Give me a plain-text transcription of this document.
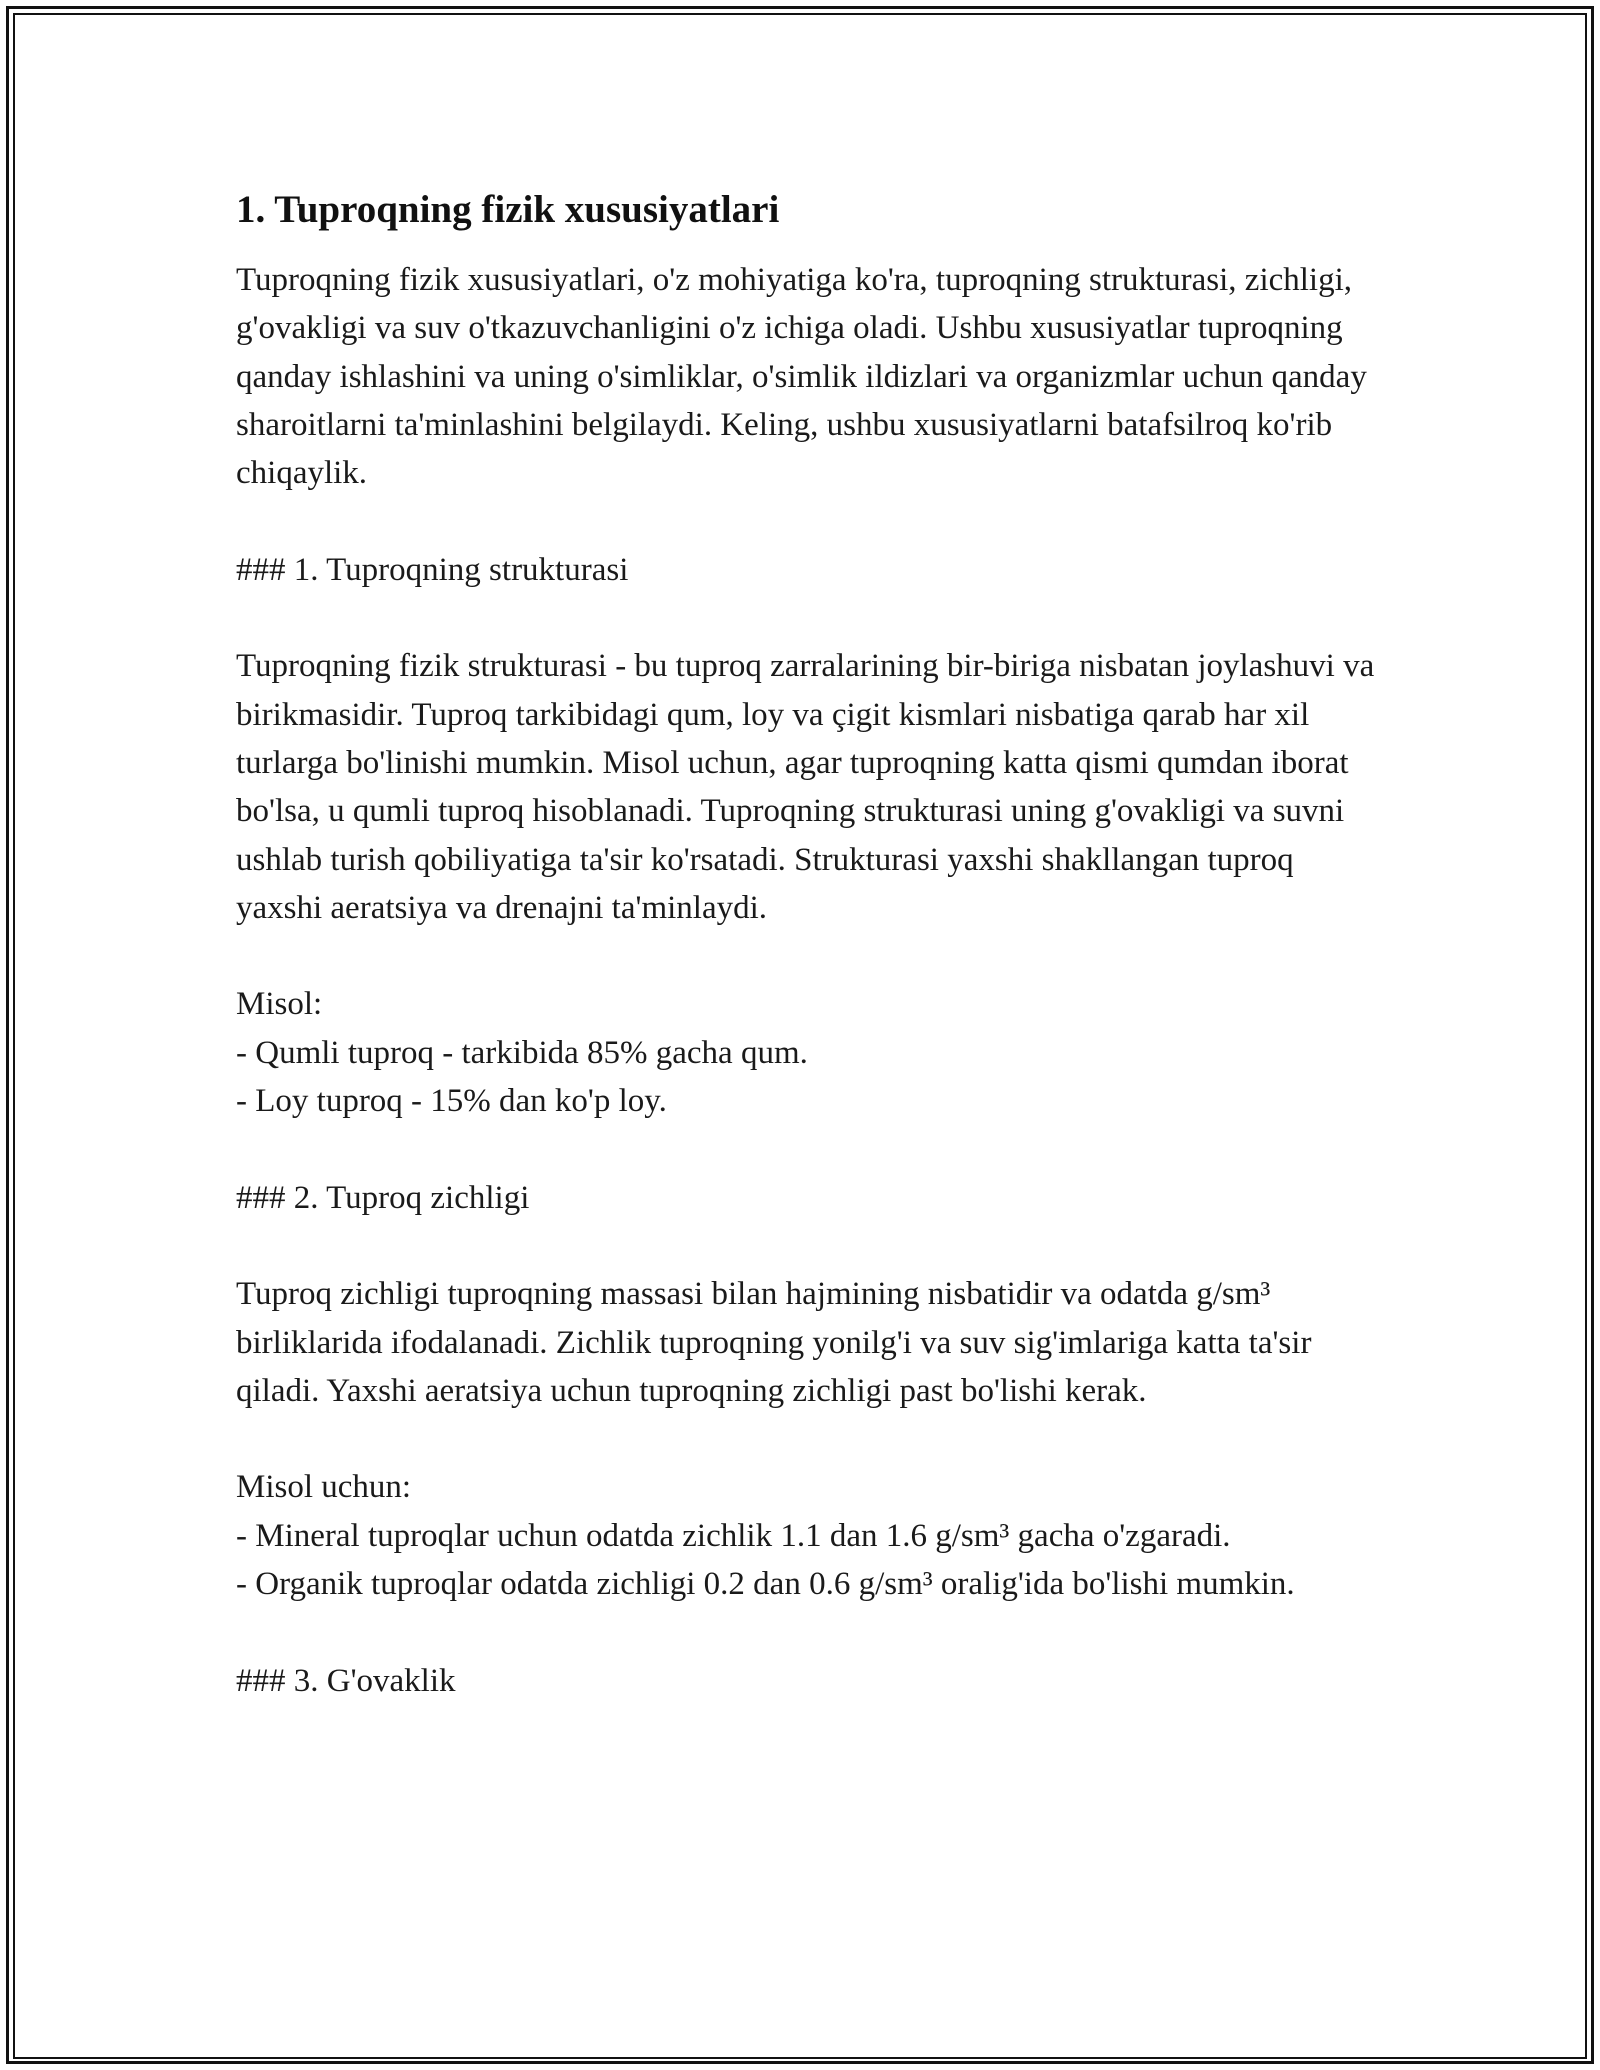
1. Tuproqning fizik xususiyatlari

Tuproqning fizik xususiyatlari, o'z mohiyatiga ko'ra, tuproqning strukturasi, zichligi, g'ovakligi va suv o'tkazuvchanligini o'z ichiga oladi. Ushbu xususiyatlar tuproqning qanday ishlashini va uning o'simliklar, o'simlik ildizlari va organizmlar uchun qanday sharoitlarni ta'minlashini belgilaydi. Keling, ushbu xususiyatlarni batafsilroq ko'rib chiqaylik.

### 1. Tuproqning strukturasi

Tuproqning fizik strukturasi - bu tuproq zarralarining bir-biriga nisbatan joylashuvi va birikmasidir. Tuproq tarkibidagi qum, loy va çigit kismlari nisbatiga qarab har xil turlarga bo'linishi mumkin. Misol uchun, agar tuproqning katta qismi qumdan iborat bo'lsa, u qumli tuproq hisoblanadi. Tuproqning strukturasi uning g'ovakligi va suvni ushlab turish qobiliyatiga ta'sir ko'rsatadi. Strukturasi yaxshi shakllangan tuproq yaxshi aeratsiya va drenajni ta'minlaydi.

Misol:

- Qumli tuproq - tarkibida 85% gacha qum.
- Loy tuproq - 15% dan ko'p loy.

### 2. Tuproq zichligi

Tuproq zichligi tuproqning massasi bilan hajmining nisbatidir va odatda g/sm³ birliklarida ifodalanadi. Zichlik tuproqning yonilg'i va suv sig'imlariga katta ta'sir qiladi. Yaxshi aeratsiya uchun tuproqning zichligi past bo'lishi kerak.

Misol uchun:

- Mineral tuproqlar uchun odatda zichlik 1.1 dan 1.6 g/sm³ gacha o'zgaradi.
- Organik tuproqlar odatda zichligi 0.2 dan 0.6 g/sm³ oralig'ida bo'lishi mumkin.

### 3. G'ovaklik
